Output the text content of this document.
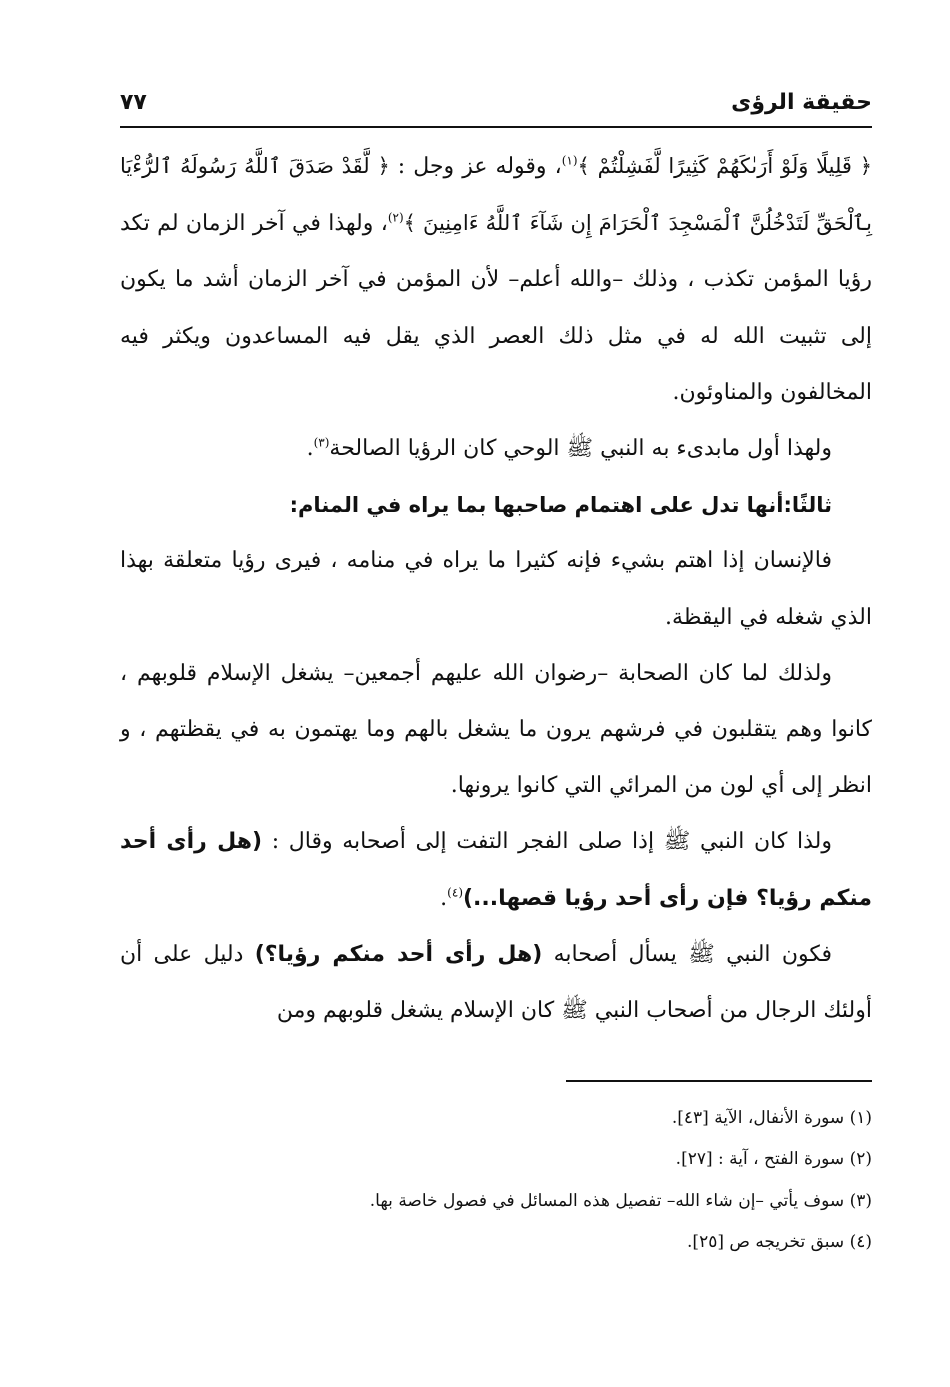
حقيقة الرؤى
٧٧

﴿ قَلِيلًا وَلَوْ أَرَىٰكَهُمْ كَثِيرًا لَّفَشِلْتُمْ ﴾$^{(١)}$، وقوله عز وجل : ﴿ لَّقَدْ صَدَقَ ٱللَّهُ رَسُولَهُ ٱلرُّءْيَا بِٱلْحَقِّ لَتَدْخُلُنَّ ٱلْمَسْجِدَ ٱلْحَرَامَ إِن شَآءَ ٱللَّهُ ءَامِنِينَ ﴾$^{(٢)}$، ولهذا في آخر الزمان لم تكد رؤيا المؤمن تكذب ، وذلك –والله أعلم– لأن المؤمن في آخر الزمان أشد ما يكون إلى تثبيت الله له في مثل ذلك العصر الذي يقل فيه المساعدون ويكثر فيه المخالفون والمناوئون.

ولهذا أول مابدىء به النبي ﷺ الوحي كان الرؤيا الصالحة$^{(٣)}$.

ثالثًا:أنها تدل على اهتمام صاحبها بما يراه في المنام:

فالإنسان إذا اهتم بشيء فإنه كثيرا ما يراه في منامه ، فيرى رؤيا متعلقة بهذا الذي شغله في اليقظة.

ولذلك لما كان الصحابة –رضوان الله عليهم أجمعين– يشغل الإسلام قلوبهم ، كانوا وهم يتقلبون في فرشهم يرون ما يشغل بالهم وما يهتمون به في يقظتهم ، و انظر إلى أي لون من المرائي التي كانوا يرونها.

ولذا كان النبي ﷺ إذا صلى الفجر التفت إلى أصحابه وقال : (هل رأى أحد منكم رؤيا؟ فإن رأى أحد رؤيا قصها...)$^{(٤)}$.

فكون النبي ﷺ يسأل أصحابه (هل رأى أحد منكم رؤيا؟) دليل على أن أولئك الرجال من أصحاب النبي ﷺ كان الإسلام يشغل قلوبهم ومن

(١) سورة الأنفال، الآية [٤٣].

(٢) سورة الفتح ، آية : [٢٧].

(٣) سوف يأتي –إن شاء الله– تفصيل هذه المسائل في فصول خاصة بها.

(٤) سبق تخريجه ص [٢٥].
